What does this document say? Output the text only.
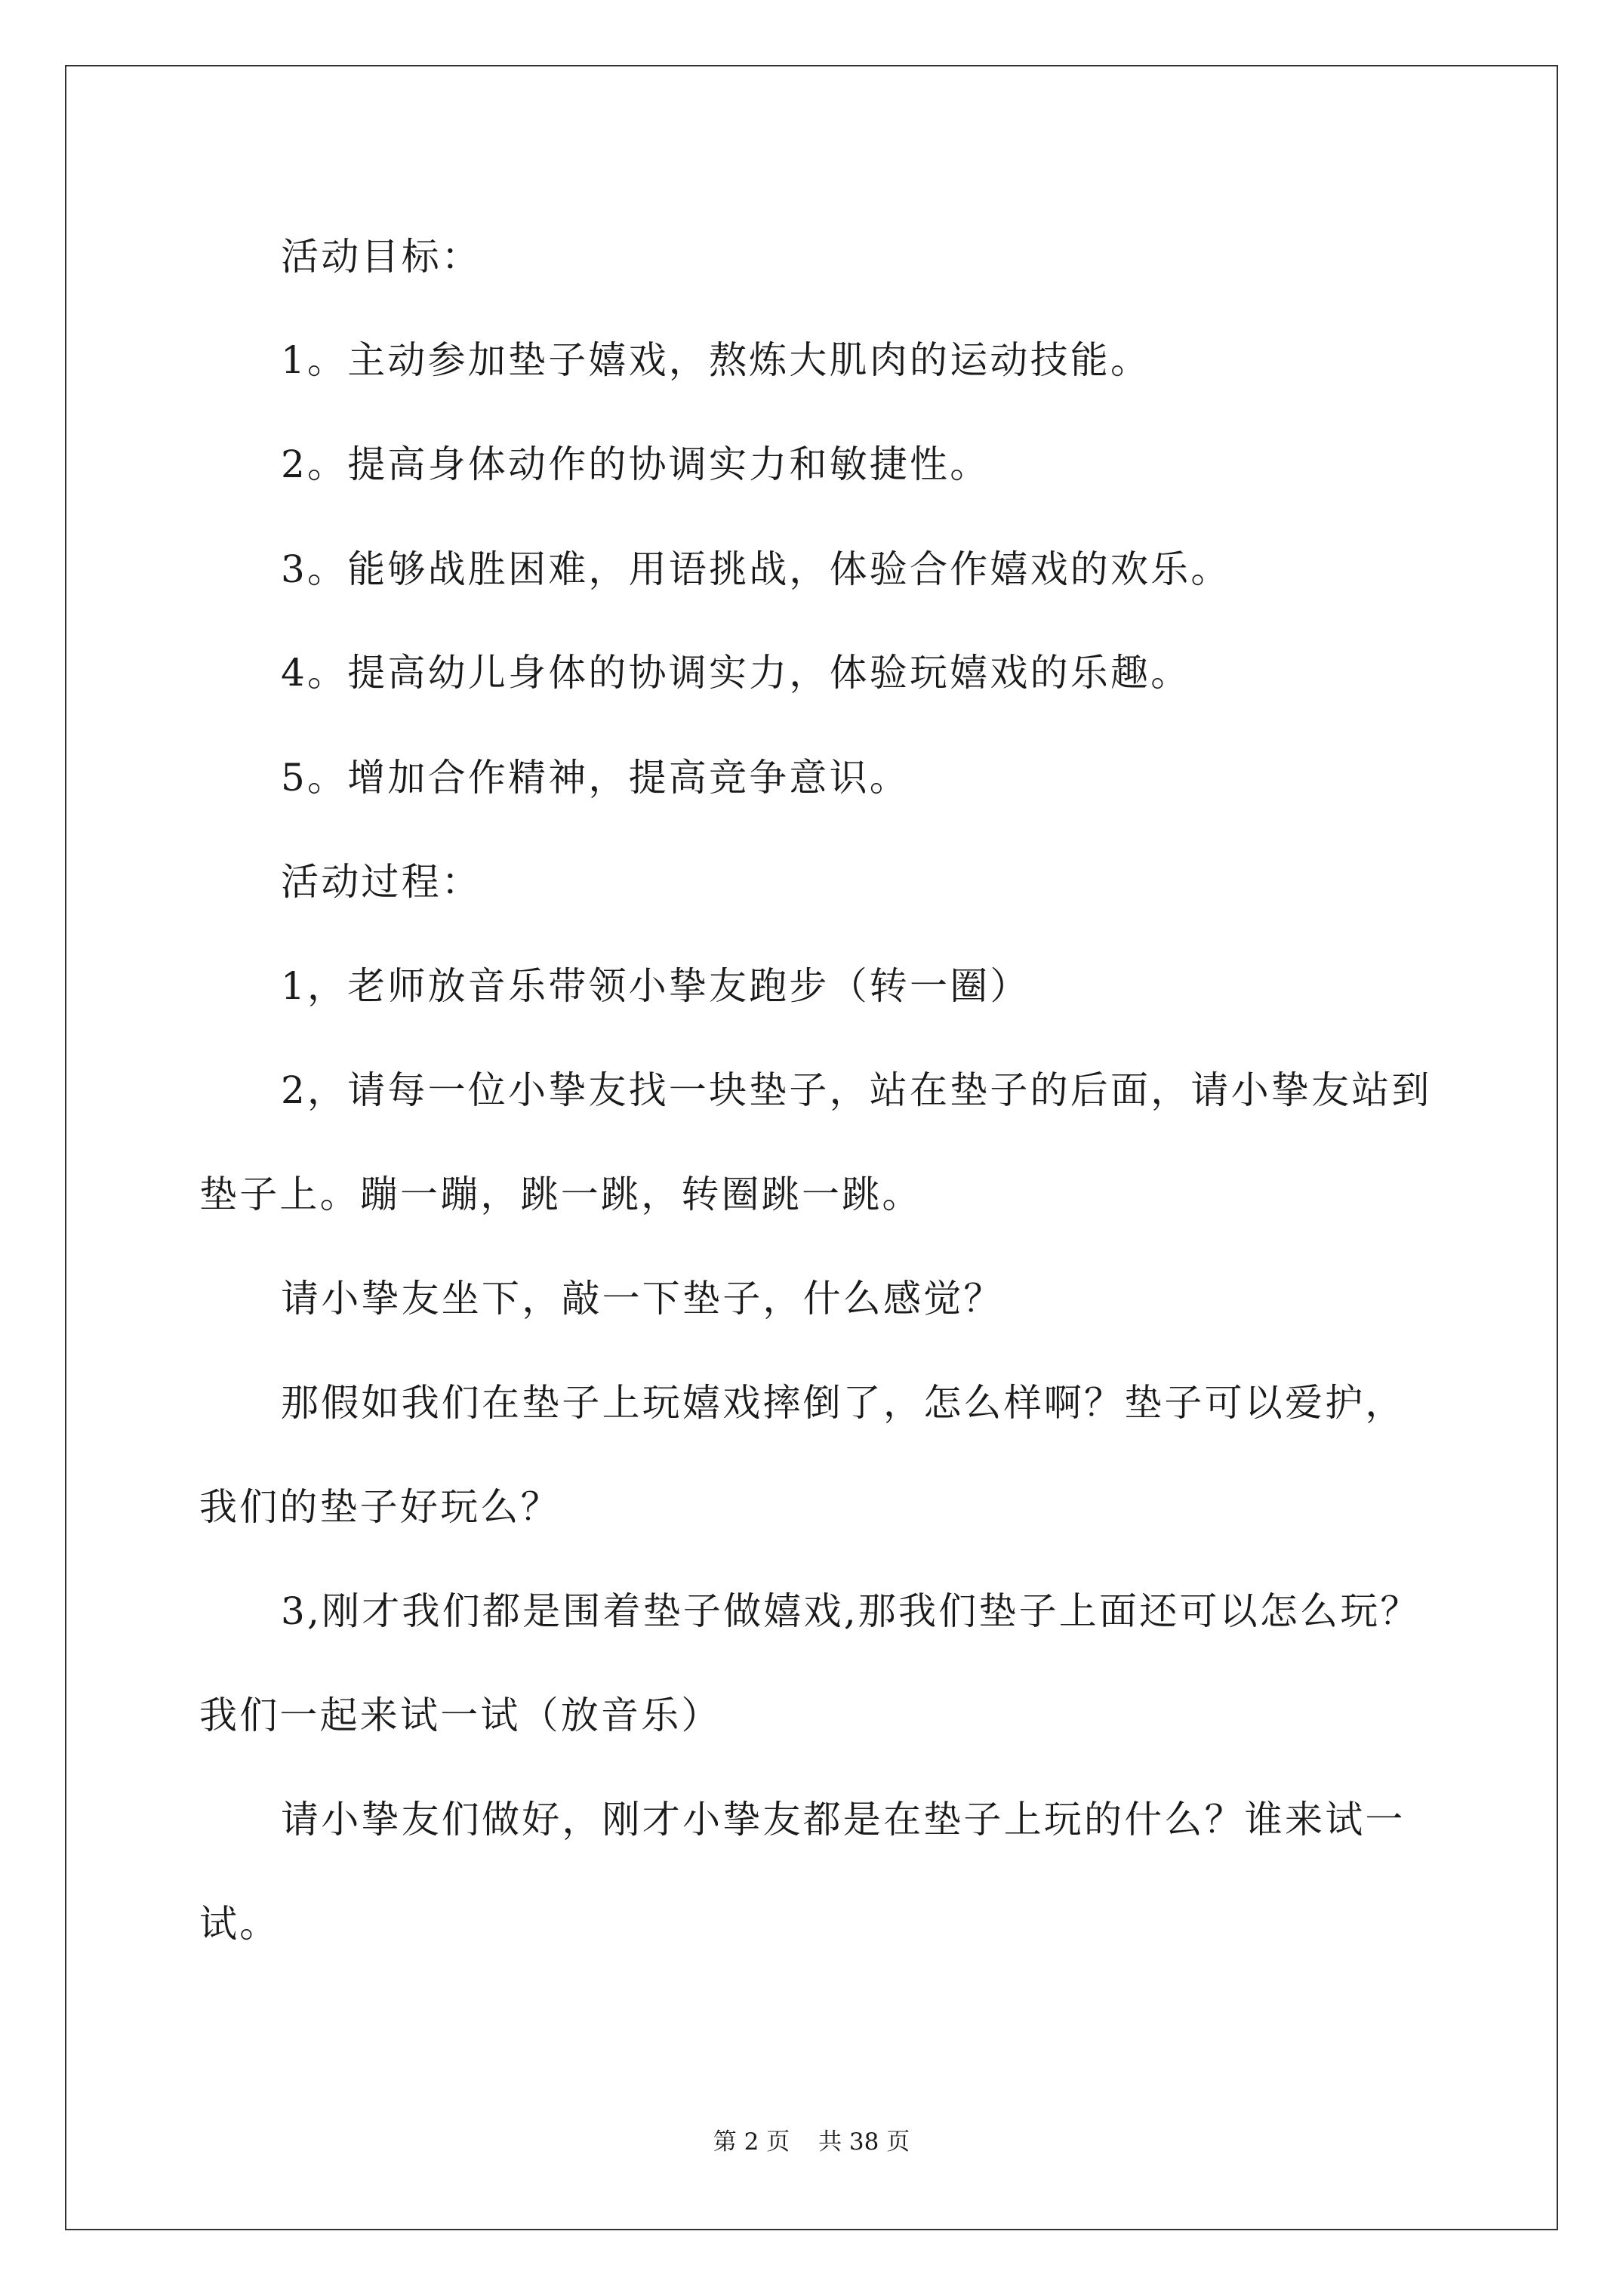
活动目标：
1。主动参加垫子嬉戏，熬炼大肌肉的运动技能。
2。提高身体动作的协调实力和敏捷性。
3。能够战胜困难，用语挑战，体验合作嬉戏的欢乐。
4。提高幼儿身体的协调实力，体验玩嬉戏的乐趣。
5。增加合作精神，提高竞争意识。
活动过程：
1，老师放音乐带领小挚友跑步（转一圈）
2，请每一位小挚友找一块垫子，站在垫子的后面，请小挚友站到
垫子上。蹦一蹦，跳一跳，转圈跳一跳。
请小挚友坐下，敲一下垫子，什么感觉？
那假如我们在垫子上玩嬉戏摔倒了，怎么样啊？垫子可以爱护，
我们的垫子好玩么？
3,刚才我们都是围着垫子做嬉戏,那我们垫子上面还可以怎么玩？
我们一起来试一试（放音乐）
请小挚友们做好，刚才小挚友都是在垫子上玩的什么？谁来试一
试。
第 2 页 共 38 页
